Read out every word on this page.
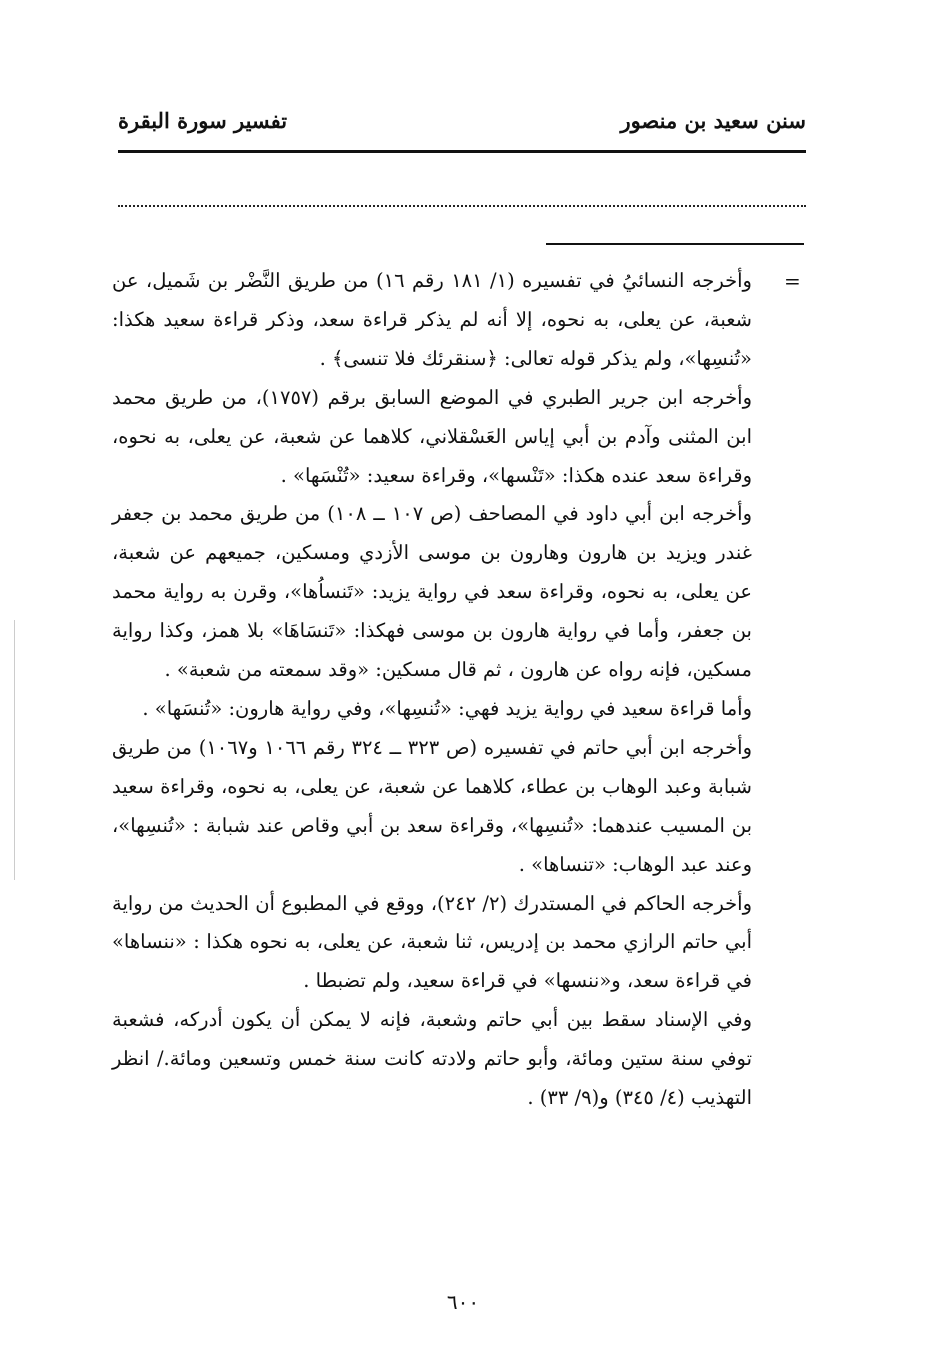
سنن سعيد بن منصور
تفسير سورة البقرة
=

وأخرجه النسائيُ في تفسيره (١/ ١٨١ رقم ١٦) من طريق النَّضْر بن شَميل، عن شعبة، عن يعلى، به نحوه، إلا أنه لم يذكر قراءة سعد، وذكر قراءة سعيد هكذا: «تُنسِها»، ولم يذكر قوله تعالى: ﴿سنقرئك فلا تنسى﴾ .

وأخرجه ابن جرير الطبري في الموضع السابق برقم (١٧٥٧)، من طريق محمد ابن المثنى وآدم بن أبي إياس العَسْقلاني، كلاهما عن شعبة، عن يعلى، به نحوه، وقراءة سعد عنده هكذا: «تَنْسها»، وقراءة سعيد: «تُنْسَها» .

وأخرجه ابن أبي داود في المصاحف (ص ١٠٧ ــ ١٠٨) من طريق محمد بن جعفر غندر ويزيد بن هارون وهارون بن موسى الأزدي ومسكين، جميعهم عن شعبة، عن يعلى، به نحوه، وقراءة سعد في رواية يزيد: «تَنساُها»، وقرن به رواية محمد بن جعفر، وأما في رواية هارون بن موسى فهكذا: «تَنسَاهَا» بلا همز، وكذا رواية مسكين، فإنه رواه عن هارون ، ثم قال مسكين: «وقد سمعته من شعبة» .

وأما قراءة سعيد في رواية يزيد فهي: «تُنسِها»، وفي رواية هارون: «تُنسَها» .

وأخرجه ابن أبي حاتم في تفسيره (ص ٣٢٣ ــ ٣٢٤ رقم ١٠٦٦ و١٠٦٧) من طريق شبابة وعبد الوهاب بن عطاء، كلاهما عن شعبة، عن يعلى، به نحوه، وقراءة سعيد بن المسيب عندهما: «تُنسِها»، وقراءة سعد بن أبي وقاص عند شبابة : «تُنسِها»، وعند عبد الوهاب: «تنساها» .

وأخرجه الحاكم في المستدرك (٢/ ٢٤٢)، ووقع في المطبوع أن الحديث من رواية أبي حاتم الرازي محمد بن إدريس، ثنا شعبة، عن يعلى، به نحوه هكذا : «ننساها» في قراءة سعد، و«ننسها» في قراءة سعيد، ولم تضبطا .

وفي الإسناد سقط بين أبي حاتم وشعبة، فإنه لا يمكن أن يكون أدركه، فشعبة توفي سنة ستين ومائة، وأبو حاتم ولادته كانت سنة خمس وتسعين ومائة./ انظر التهذيب (٤/ ٣٤٥) و(٩/ ٣٣) .

٦٠٠
